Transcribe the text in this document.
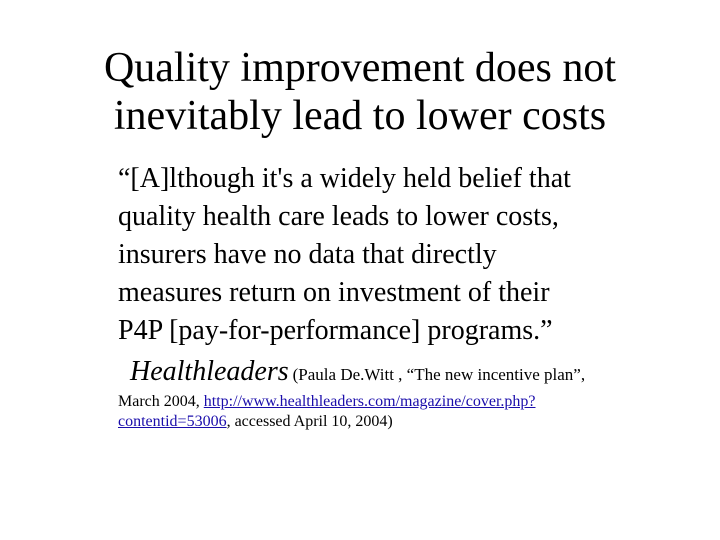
Quality improvement does not
inevitably lead to lower costs
“[A]lthough it's a widely held belief that
quality health care leads to lower costs,
insurers have no data that directly
measures return on investment of their
P4P [pay-for-performance] programs.”
Healthleaders (Paula De.Witt , “The new incentive plan”,
March 2004, http://www.healthleaders.com/magazine/cover.php?
contentid=53006, accessed April 10, 2004)
